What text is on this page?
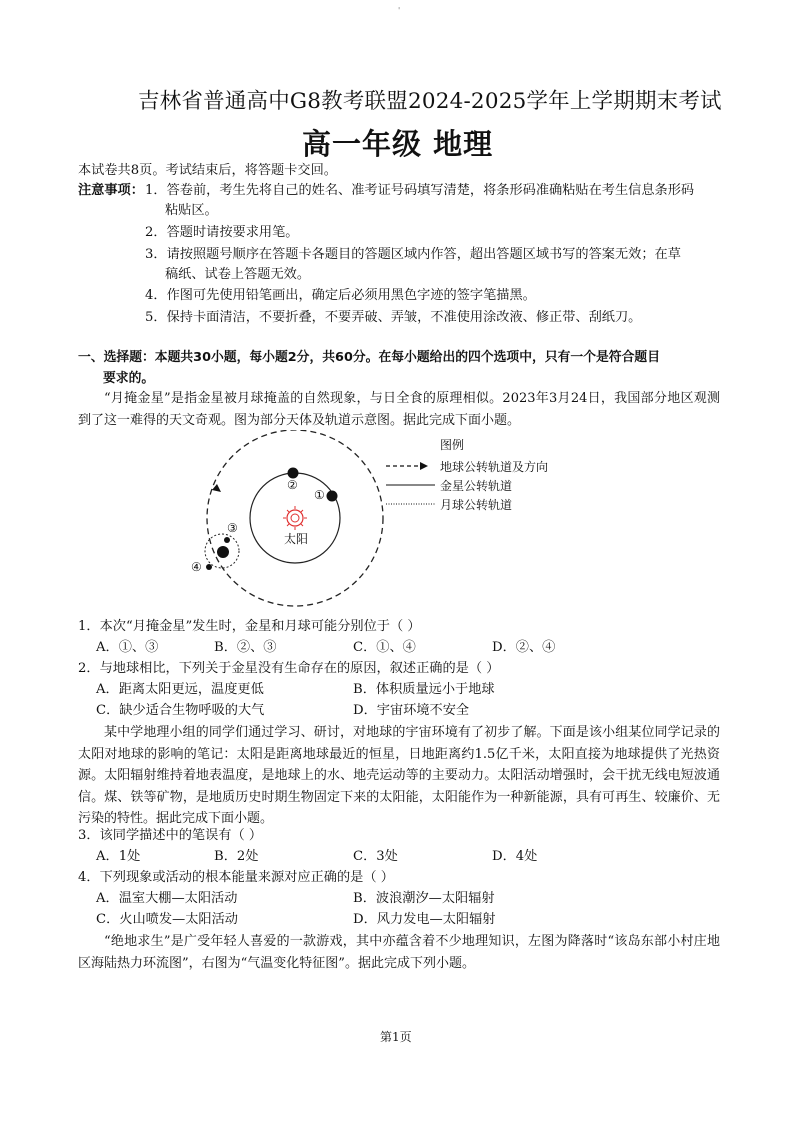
'
吉林省普通高中G8教考联盟2024-2025学年上学期期末考试
高一年级 地理
本试卷共8页。考试结束后，将答题卡交回。
注意事项： 1．答卷前，考生先将自己的姓名、准考证号码填写清楚，将条形码准确粘贴在考生信息条形码
粘贴区。
2．答题时请按要求用笔。
3．请按照题号顺序在答题卡各题目的答题区域内作答，超出答题区域书写的答案无效；在草
稿纸、试卷上答题无效。
4．作图可先使用铅笔画出，确定后必须用黑色字迹的签字笔描黑。
5．保持卡面清洁，不要折叠，不要弄破、弄皱，不准使用涂改液、修正带、刮纸刀。
一、选择题：本题共30小题，每小题2分，共60分。在每小题给出的四个选项中，只有一个是符合题目
要求的。
“月掩金星”是指金星被月球掩盖的自然现象，与日全食的原理相似。2023年3月24日，我国部分地区观测到了这一难得的天文奇观。图为部分天体及轨道示意图。据此完成下面小题。
图例
地球公转轨道及方向
金星公转轨道
月球公转轨道
太阳
①
②
③
④
1．本次“月掩金星”发生时，金星和月球可能分别位于（ ）
A．①、③	B．②、③	C．①、④	D．②、④
2．与地球相比，下列关于金星没有生命存在的原因，叙述正确的是（ ）
A．距离太阳更远，温度更低	B．体积质量远小于地球
C．缺少适合生物呼吸的大气	D．宇宙环境不安全
某中学地理小组的同学们通过学习、研讨，对地球的宇宙环境有了初步了解。下面是该小组某位同学记录的太阳对地球的影响的笔记：太阳是距离地球最近的恒星，日地距离约1.5亿千米，太阳直接为地球提供了光热资源。太阳辐射维持着地表温度，是地球上的水、地壳运动等的主要动力。太阳活动增强时，会干扰无线电短波通信。煤、铁等矿物，是地质历史时期生物固定下来的太阳能，太阳能作为一种新能源，具有可再生、较廉价、无污染的特性。据此完成下面小题。
3．该同学描述中的笔误有（ ）
A．1处	B．2处	C．3处	D．4处
4．下列现象或活动的根本能量来源对应正确的是（ ）
A．温室大棚—太阳活动	B．波浪潮汐—太阳辐射
C．火山喷发—太阳活动	D．风力发电—太阳辐射
“绝地求生”是广受年轻人喜爱的一款游戏，其中亦蕴含着不少地理知识，左图为降落时“该岛东部小村庄地区海陆热力环流图”，右图为“气温变化特征图”。据此完成下列小题。
第1页
